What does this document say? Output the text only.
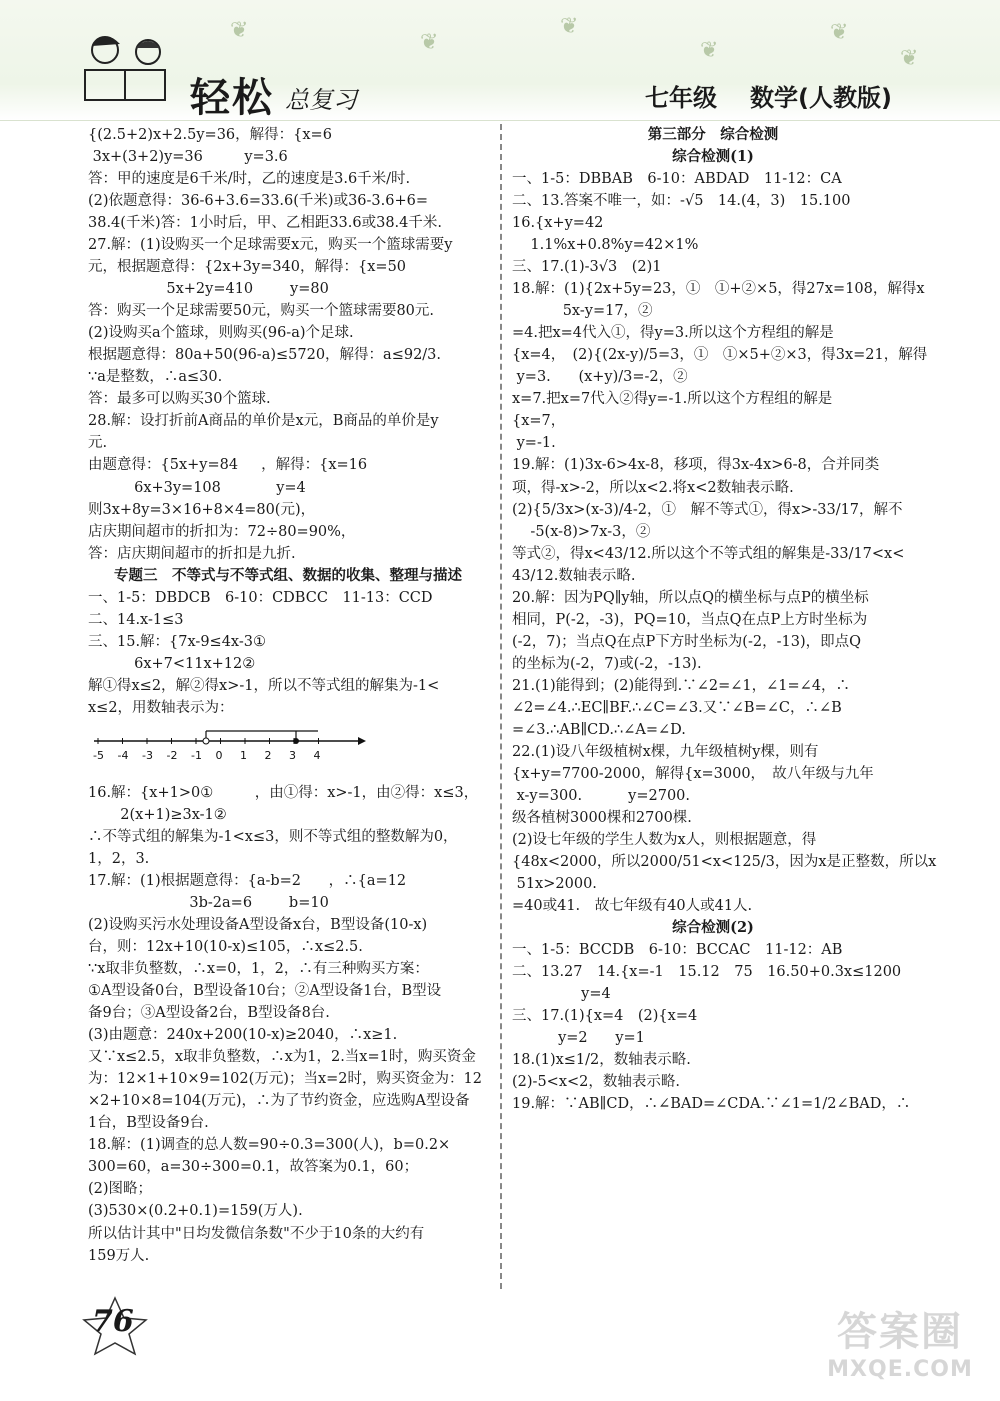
❦	❦
❦
❦
❦
❦
轻松 总复习	七年级 数学(人教版)
{(2.5+2)x+2.5y=36，解得：{x=6
3x+(3+2)y=36         y=3.6
答：甲的速度是6千米/时，乙的速度是3.6千米/时.
(2)依题意得：36-6+3.6=33.6(千米)或36-3.6+6=
38.4(千米)答：1小时后，甲、乙相距33.6或38.4千米.
27.解：(1)设购买一个足球需要x元，购买一个篮球需要y
元，根据题意得：{2x+3y=340，解得：{x=50
5x+2y=410        y=80
答：购买一个足球需要50元，购买一个篮球需要80元.
(2)设购买a个篮球，则购买(96-a)个足球.
根据题意得：80a+50(96-a)≤5720，解得：a≤92/3.
∵a是整数，∴a≤30.
答：最多可以购买30个篮球.
28.解：设打折前A商品的单价是x元，B商品的单价是y
元.
由题意得：{5x+y=84     ，解得：{x=16
6x+3y=108            y=4
则3x+8y=3×16+8×4=80(元)，
店庆期间超市的折扣为：72÷80=90%，
答：店庆期间超市的折扣是九折.
专题三　不等式与不等式组、数据的收集、整理与描述
一、1-5：DBDCB　6-10：CDBCC　11-13：CCD
二、14.x-1≤3
三、15.解：{7x-9≤4x-3①
6x+7<11x+12②
解①得x≤2，解②得x>-1，所以不等式组的解集为-1<
x≤2，用数轴表示为：
-5 -4 -3 -2 -1 0 1 2 3 4
16.解：{x+1>0①         ，由①得：x>-1，由②得：x≤3，
2(x+1)≥3x-1②
∴不等式组的解集为-1<x≤3，则不等式组的整数解为0，
1，2，3.
17.解：(1)根据题意得：{a-b=2      ，∴{a=12
3b-2a=6        b=10
(2)设购买污水处理设备A型设备x台，B型设备(10-x)
台，则：12x+10(10-x)≤105，∴x≤2.5.
∵x取非负整数，∴x=0，1，2，∴有三种购买方案：
①A型设备0台，B型设备10台；②A型设备1台，B型设
备9台；③A型设备2台，B型设备8台.
(3)由题意：240x+200(10-x)≥2040，∴x≥1.
又∵x≤2.5，x取非负整数，∴x为1，2.当x=1时，购买资金
为：12×1+10×9=102(万元)；当x=2时，购买资金为：12
×2+10×8=104(万元)，∴为了节约资金，应选购A型设备
1台，B型设备9台.
18.解：(1)调查的总人数=90÷0.3=300(人)，b=0.2×
300=60，a=30÷300=0.1，故答案为0.1，60；
(2)图略；
(3)530×(0.2+0.1)=159(万人).
所以估计其中"日均发微信条数"不少于10条的大约有
159万人.
第三部分　综合检测
综合检测(1)
一、1-5：DBBAB　6-10：ABDAD　11-12：CA
二、13.答案不唯一，如：-√5　14.(4，3)　15.100
16.{x+y=42
1.1%x+0.8%y=42×1%
三、17.(1)-3√3　(2)1
18.解：(1){2x+5y=23，①　①+②×5，得27x=108，解得x
5x-y=17，②
=4.把x=4代入①，得y=3.所以这个方程组的解是
{x=4，　(2){(2x-y)/5=3，①　①×5+②×3，得3x=21，解得
y=3.      (x+y)/3=-2，②
x=7.把x=7代入②得y=-1.所以这个方程组的解是
{x=7，
y=-1.
19.解：(1)3x-6>4x-8，移项，得3x-4x>6-8，合并同类
项，得-x>-2，所以x<2.将x<2数轴表示略.
(2){5/3x>(x-3)/4-2，①　解不等式①，得x>-33/17，解不
-5(x-8)>7x-3，②
等式②，得x<43/12.所以这个不等式组的解集是-33/17<x<
43/12.数轴表示略.
20.解：因为PQ∥y轴，所以点Q的横坐标与点P的横坐标
相同，P(-2，-3)，PQ=10，当点Q在点P上方时坐标为
(-2，7)；当点Q在点P下方时坐标为(-2，-13)，即点Q
的坐标为(-2，7)或(-2，-13).
21.(1)能得到；(2)能得到.∵∠2=∠1，∠1=∠4，∴
∠2=∠4.∴EC∥BF.∴∠C=∠3.又∵∠B=∠C，∴∠B
=∠3.∴AB∥CD.∴∠A=∠D.
22.(1)设八年级植树x棵，九年级植树y棵，则有
{x+y=7700-2000，解得{x=3000，　故八年级与九年
x-y=300.          y=2700.
级各植树3000棵和2700棵.
(2)设七年级的学生人数为x人，则根据题意，得
{48x<2000，所以2000/51<x<125/3，因为x是正整数，所以x
51x>2000.
=40或41.　故七年级有40人或41人.
综合检测(2)
一、1-5：BCCDB　6-10：BCCAC　11-12：AB
二、13.27　14.{x=-1　15.12　75　16.50+0.3x≤1200
y=4
三、17.(1){x=4　(2){x=4
y=2      y=1
18.(1)x≤1/2，数轴表示略.
(2)-5<x<2，数轴表示略.
19.解：∵AB∥CD，∴∠BAD=∠CDA.∵∠1=1/2∠BAD，∴
76	答案圈
MXQE.COM
